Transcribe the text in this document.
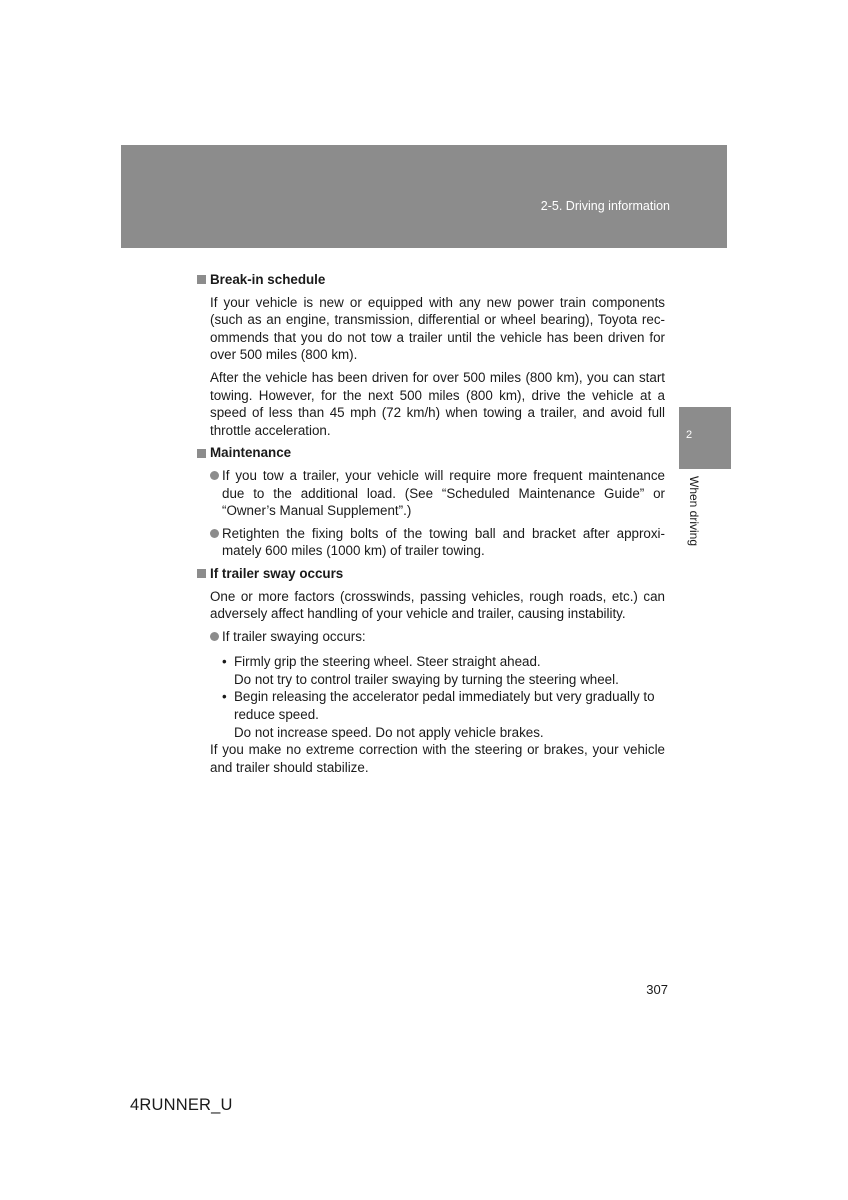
2-5. Driving information
2
When driving
Break-in schedule

If your vehicle is new or equipped with any new power train components (such as an engine, transmission, differential or wheel bearing), Toyota rec- ommends that you do not tow a trailer until the vehicle has been driven for over 500 miles (800 km).

After the vehicle has been driven for over 500 miles (800 km), you can start towing. However, for the next 500 miles (800 km), drive the vehicle at a speed of less than 45 mph (72 km/h) when towing a trailer, and avoid full throttle acceleration.

Maintenance
If you tow a trailer, your vehicle will require more frequent maintenance due to the additional load. (See “Scheduled Maintenance Guide” or “Owner’s Manual Supplement”.)
Retighten the fixing bolts of the towing ball and bracket after approxi- mately 600 miles (1000 km) of trailer towing.
If trailer sway occurs

One or more factors (crosswinds, passing vehicles, rough roads, etc.) can adversely affect handling of your vehicle and trailer, causing instability.

If trailer swaying occurs:
• Firmly grip the steering wheel. Steer straight ahead.
Do not try to control trailer swaying by turning the steering wheel.
• Begin releasing the accelerator pedal immediately but very gradually to reduce speed.
Do not increase speed. Do not apply vehicle brakes.

If you make no extreme correction with the steering or brakes, your vehicle and trailer should stabilize.

307
4RUNNER_U
